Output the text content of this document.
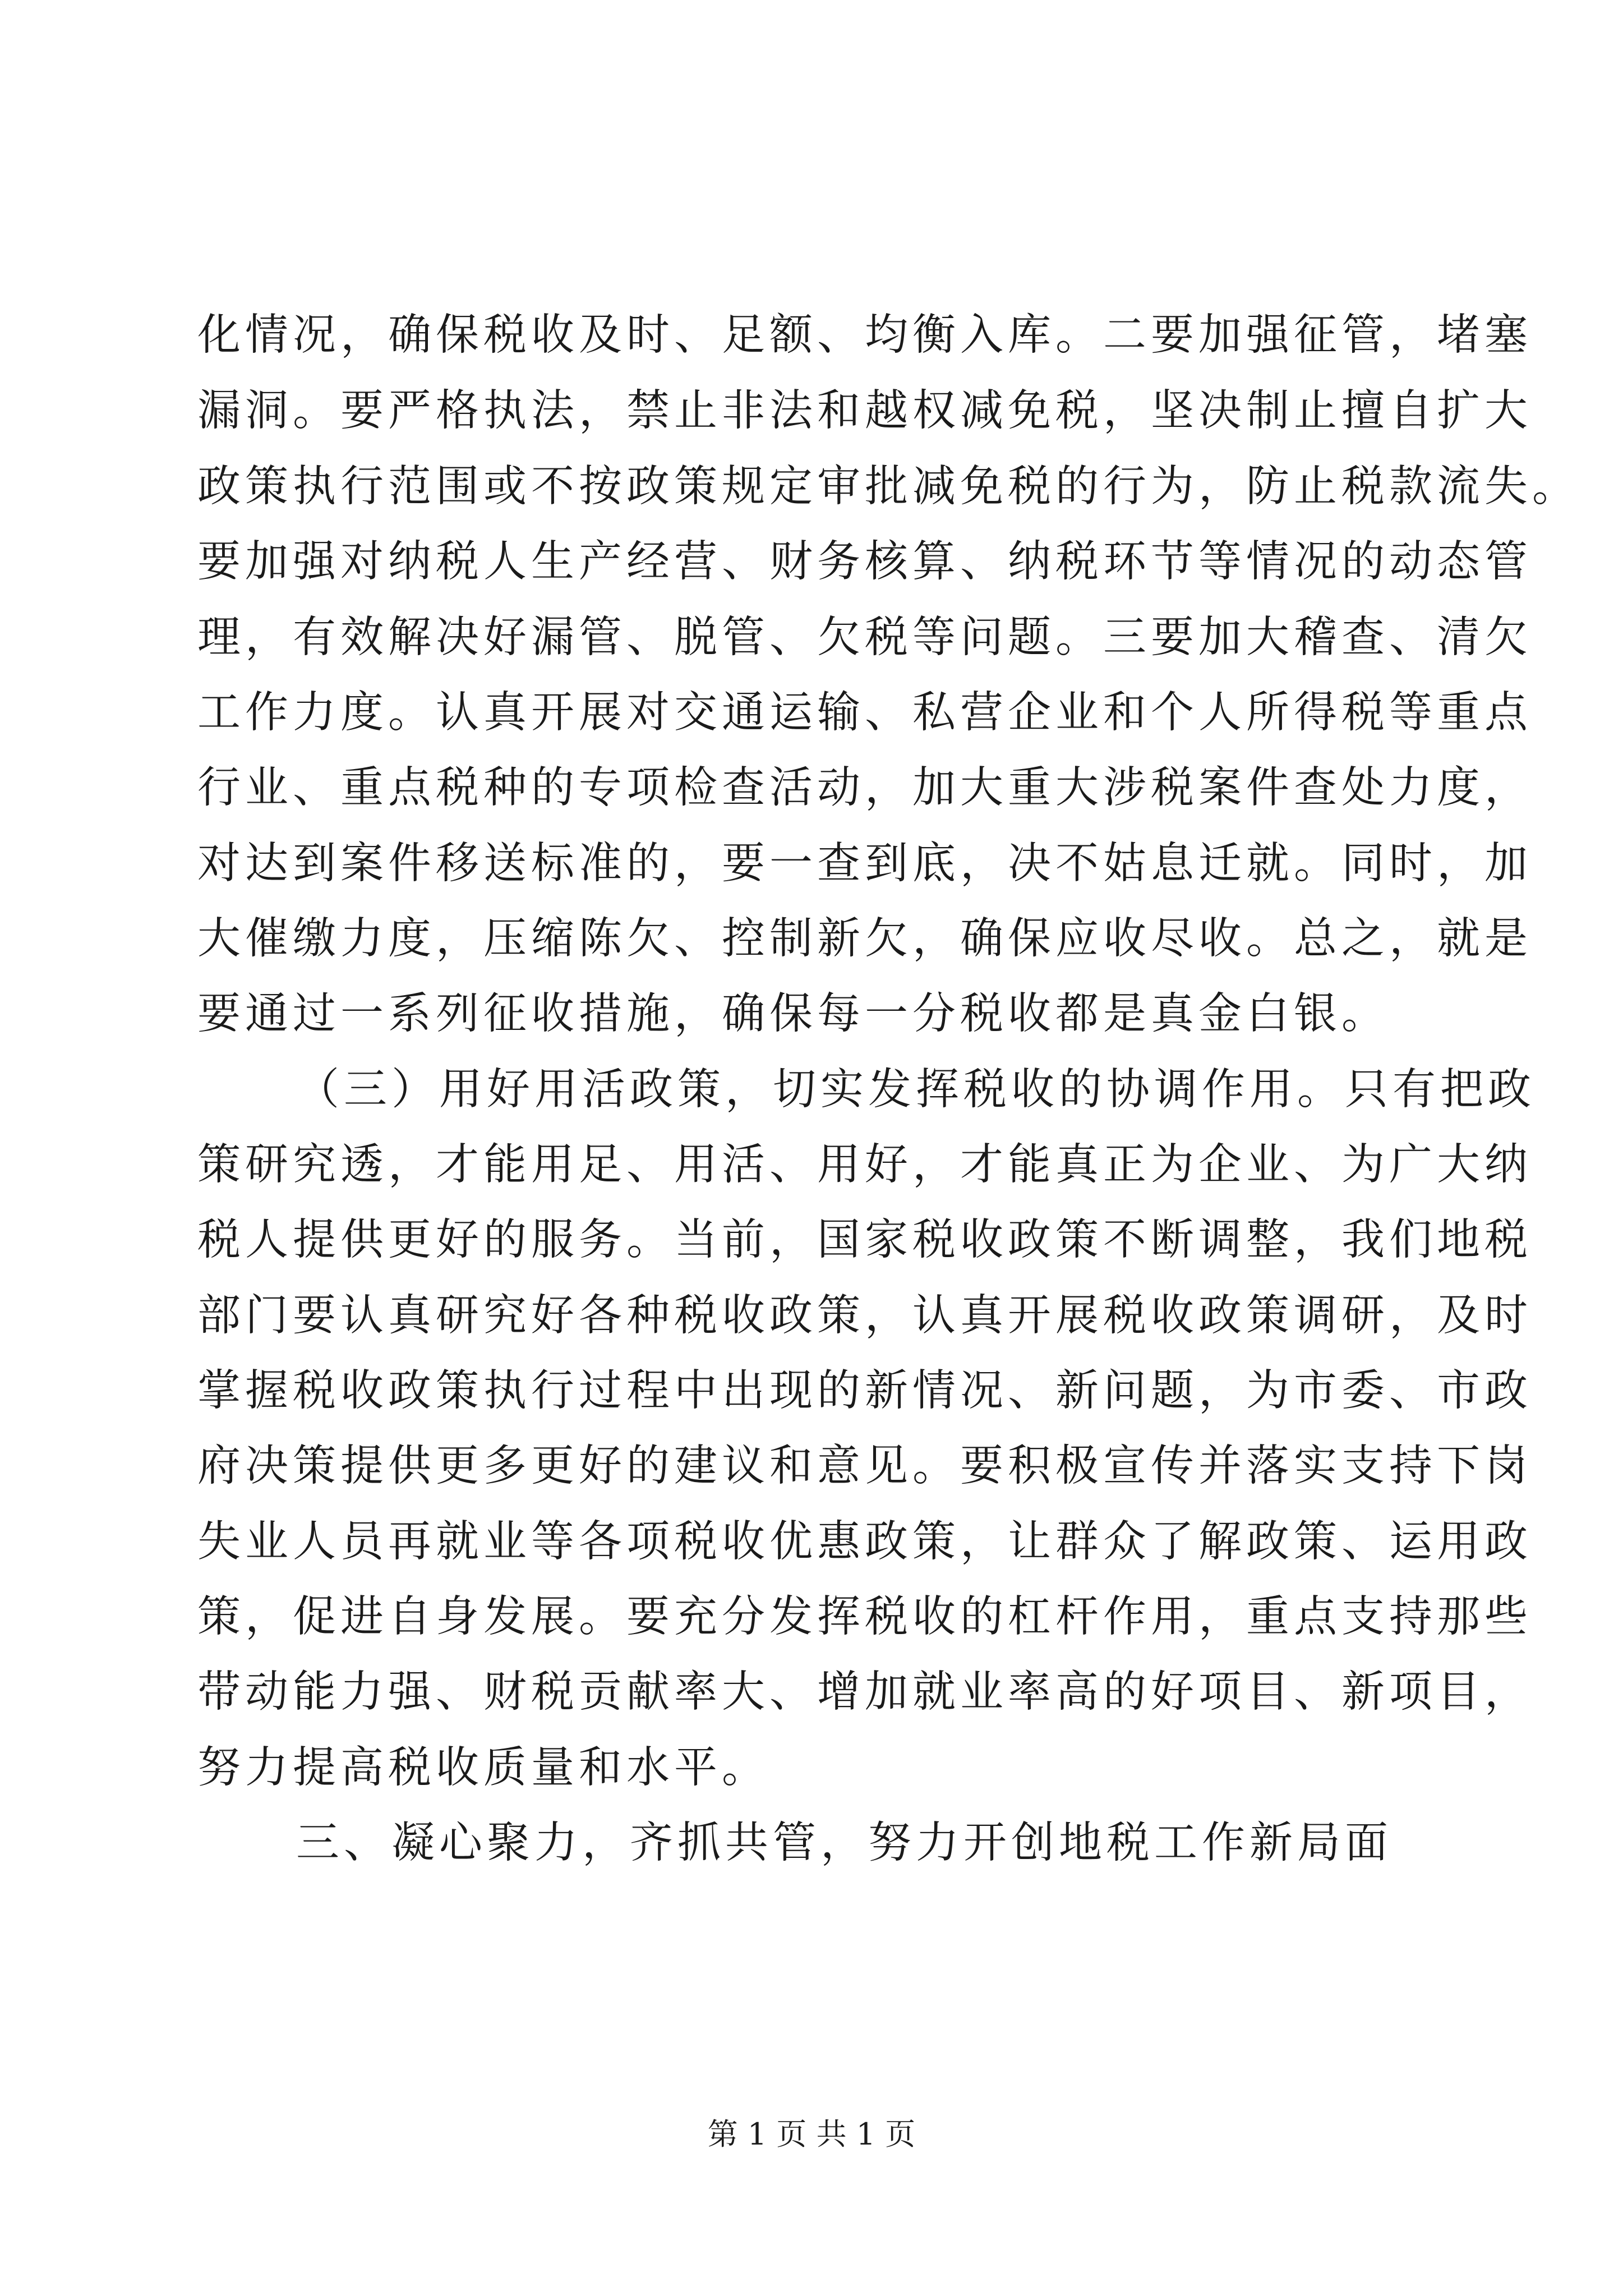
化情况，确保税收及时、足额、均衡入库。二要加强征管，堵塞
漏洞。要严格执法，禁止非法和越权减免税，坚决制止擅自扩大
政策执行范围或不按政策规定审批减免税的行为，防止税款流失。
要加强对纳税人生产经营、财务核算、纳税环节等情况的动态管
理，有效解决好漏管、脱管、欠税等问题。三要加大稽查、清欠
工作力度。认真开展对交通运输、私营企业和个人所得税等重点
行业、重点税种的专项检查活动，加大重大涉税案件查处力度，
对达到案件移送标准的，要一查到底，决不姑息迁就。同时，加
大催缴力度，压缩陈欠、控制新欠，确保应收尽收。总之，就是
要通过一系列征收措施，确保每一分税收都是真金白银。
（三）用好用活政策，切实发挥税收的协调作用。只有把政
策研究透，才能用足、用活、用好，才能真正为企业、为广大纳
税人提供更好的服务。当前，国家税收政策不断调整，我们地税
部门要认真研究好各种税收政策，认真开展税收政策调研，及时
掌握税收政策执行过程中出现的新情况、新问题，为市委、市政
府决策提供更多更好的建议和意见。要积极宣传并落实支持下岗
失业人员再就业等各项税收优惠政策，让群众了解政策、运用政
策，促进自身发展。要充分发挥税收的杠杆作用，重点支持那些
带动能力强、财税贡献率大、增加就业率高的好项目、新项目，
努力提高税收质量和水平。
三、凝心聚力，齐抓共管，努力开创地税工作新局面
第 1 页 共 1 页
